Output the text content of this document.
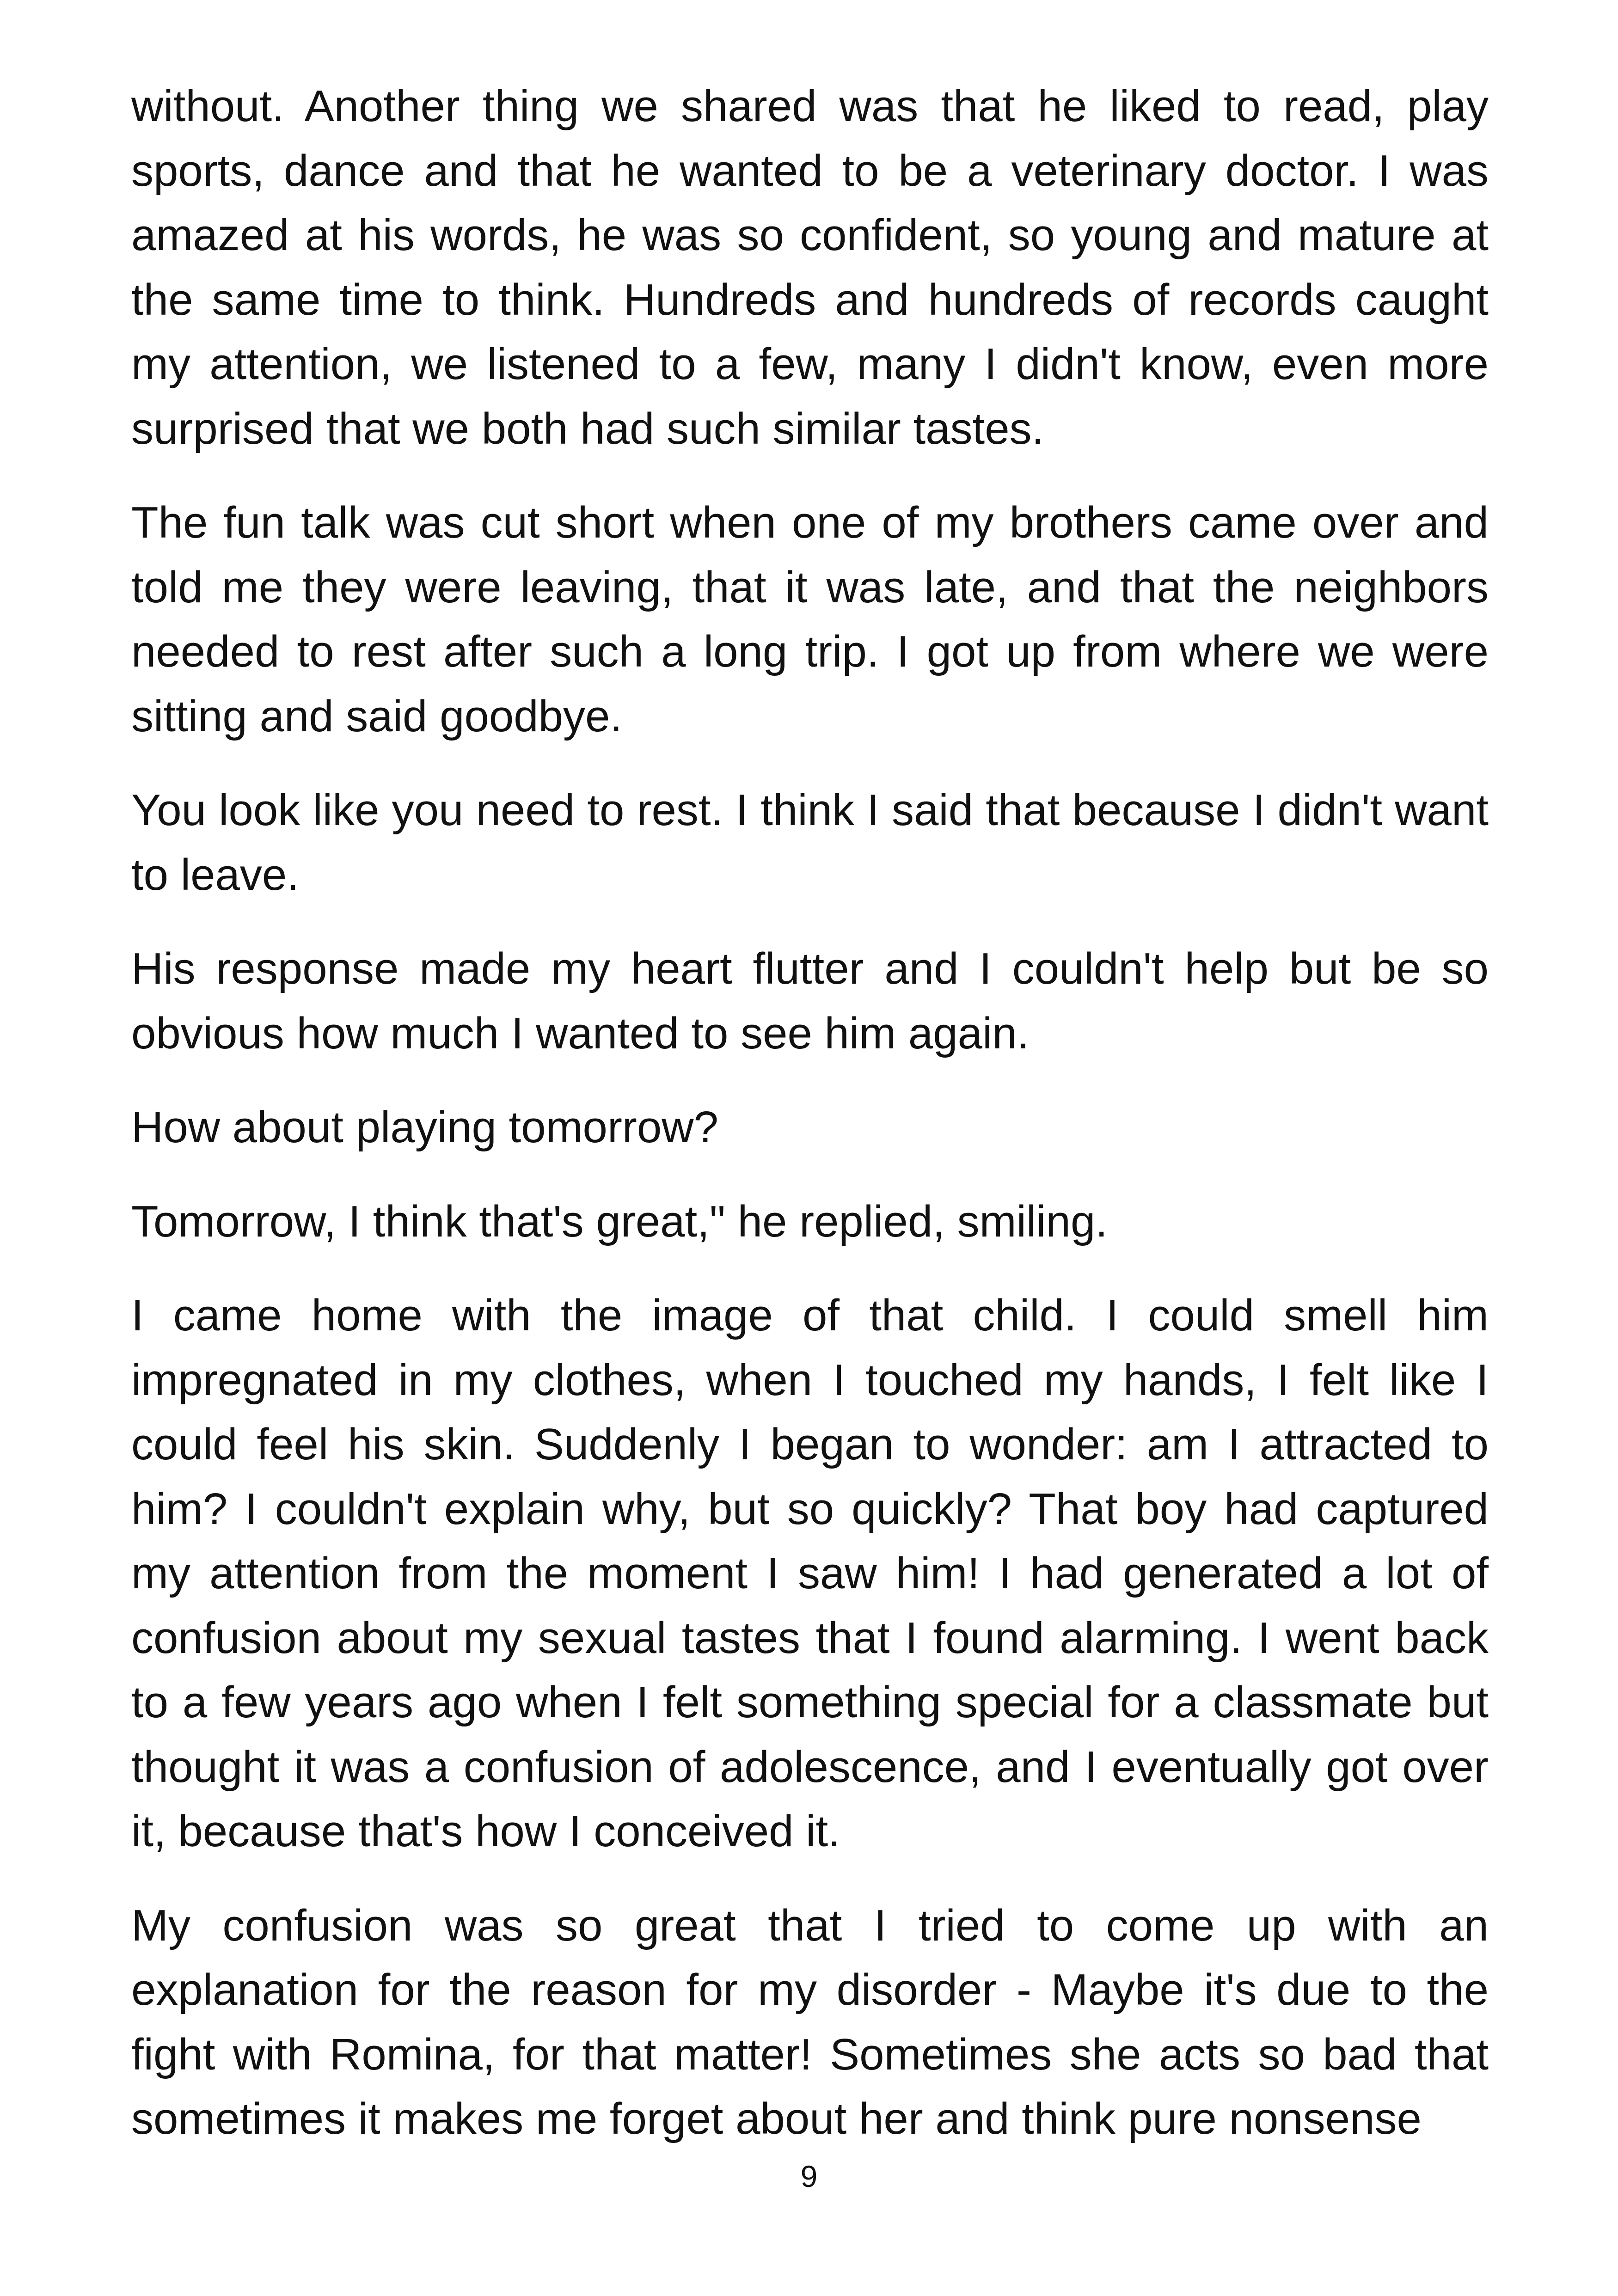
without. Another thing we shared was that he liked to read, play sports, dance and that he wanted to be a veterinary doctor. I was amazed at his words, he was so confident, so young and mature at the same time to think. Hundreds and hundreds of records caught my attention, we listened to a few, many I didn't know, even more surprised that we both had such similar tastes.

The fun talk was cut short when one of my brothers came over and told me they were leaving, that it was late, and that the neighbors needed to rest after such a long trip. I got up from where we were sitting and said goodbye.

You look like you need to rest. I think I said that because I didn't want to leave.

His response made my heart flutter and I couldn't help but be so obvious how much I wanted to see him again.

How about playing tomorrow?

Tomorrow, I think that's great," he replied, smiling.

I came home with the image of that child. I could smell him impregnated in my clothes, when I touched my hands, I felt like I could feel his skin. Suddenly I began to wonder: am I attracted to him? I couldn't explain why, but so quickly? That boy had captured my attention from the moment I saw him! I had generated a lot of confusion about my sexual tastes that I found alarming. I went back to a few years ago when I felt something special for a classmate but thought it was a confusion of adolescence, and I eventually got over it, because that's how I conceived it.

My confusion was so great that I tried to come up with an explanation for the reason for my disorder - Maybe it's due to the fight with Romina, for that matter! Sometimes she acts so bad that sometimes it makes me forget about her and think pure nonsense

9
